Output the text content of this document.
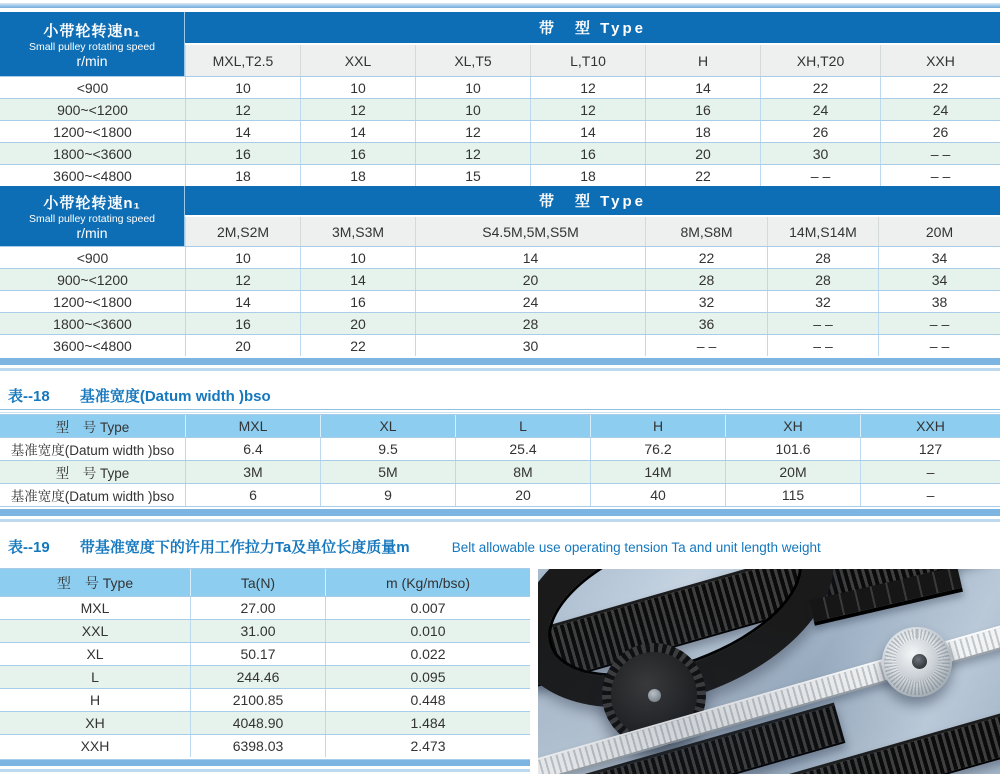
小带轮转速n₁
Small pulley rotating speed
r/min
带　型 Type
MXL,T2.5	XXL	XL,T5	L,T10	H	XH,T20	XXH
<900	10	10	10	12	14	22	22
900~<1200	12	12	10	12	16	24	24
1200~<1800	14	14	12	14	18	26	26
1800~<3600	16	16	12	16	20	30	– –
3600~<4800	18	18	15	18	22	– –	– –
小带轮转速n₁
Small pulley rotating speed
r/min
带　型 Type
2M,S2M	3M,S3M	S4.5M,5M,S5M	8M,S8M	14M,S14M	20M
<900	10	10	14	22	28	34
900~<1200	12	14	20	28	28	34
1200~<1800	14	16	24	32	32	38
1800~<3600	16	20	28	36	– –	– –
3600~<4800	20	22	30	– –	– –	– –
表--18 基准宽度(Datum width )bso
型　号 Type	MXL	XL	L	H	XH	XXH
基准宽度(Datum width )bso	6.4	9.5	25.4	76.2	101.6	127
型　号 Type	3M	5M	8M	14M	20M	–
基准宽度(Datum width )bso	6	9	20	40	115	–
表--19 带基准宽度下的许用工作拉力Ta及单位长度质量m	Belt allowable use operating tension Ta and unit length weight
型　号 Type	Ta(N)	m (Kg/m/bso)
MXL	27.00	0.007
XXL	31.00	0.010
XL	50.17	0.022
L	244.46	0.095
H	2100.85	0.448
XH	4048.90	1.484
XXH	6398.03	2.473
